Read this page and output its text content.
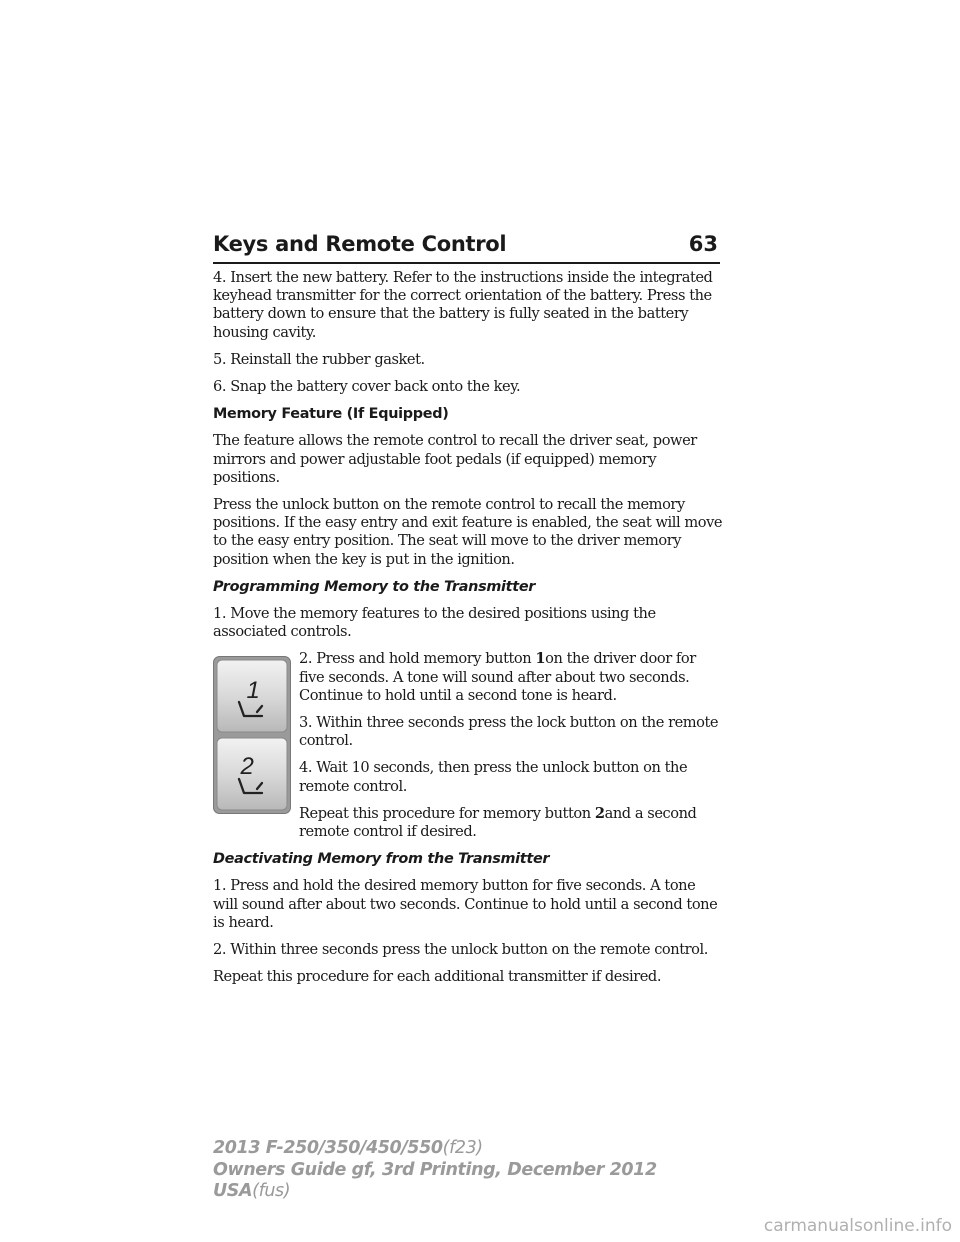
Keys and Remote Control	63

4. Insert the new battery. Refer to the instructions inside the integrated keyhead transmitter for the correct orientation of the battery. Press the battery down to ensure that the battery is fully seated in the battery housing cavity.

5. Reinstall the rubber gasket.

6. Snap the battery cover back onto the key.

Memory Feature (If Equipped)

The feature allows the remote control to recall the driver seat, power mirrors and power adjustable foot pedals (if equipped) memory positions.

Press the unlock button on the remote control to recall the memory positions. If the easy entry and exit feature is enabled, the seat will move to the easy entry position. The seat will move to the driver memory position when the key is put in the ignition.

Programming Memory to the Transmitter

1. Move the memory features to the desired positions using the associated controls.

1
2

2. Press and hold memory button 1on the driver door for five seconds. A tone will sound after about two seconds. Continue to hold until a second tone is heard.

3. Within three seconds press the lock button on the remote control.

4. Wait 10 seconds, then press the unlock button on the remote control.

Repeat this procedure for memory button 2and a second remote control if desired.

Deactivating Memory from the Transmitter

1. Press and hold the desired memory button for five seconds. A tone will sound after about two seconds. Continue to hold until a second tone is heard.

2. Within three seconds press the unlock button on the remote control.

Repeat this procedure for each additional transmitter if desired.

2013 F-250/350/450/550(f23)
Owners Guide gf, 3rd Printing, December 2012
USA(fus)
carmanualsonline.info
